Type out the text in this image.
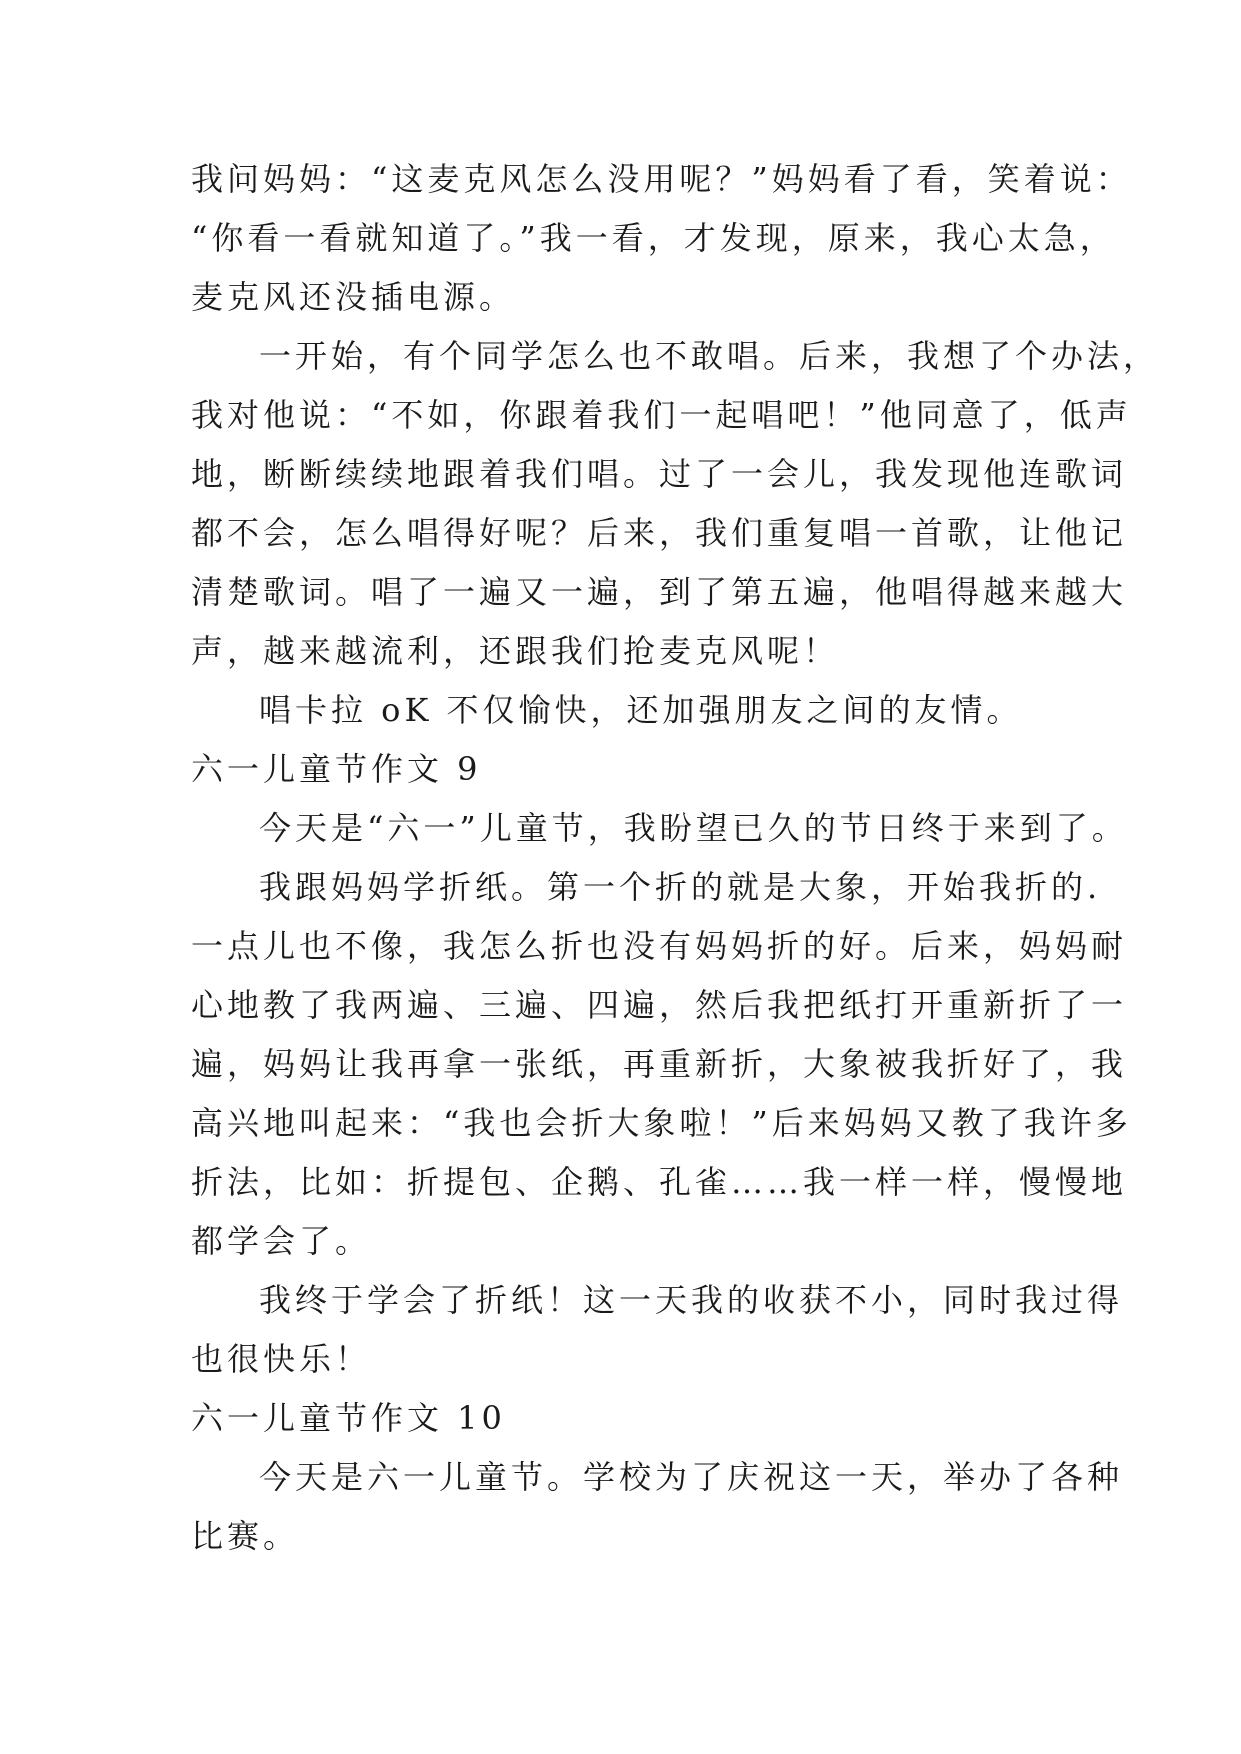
我问妈妈：“这麦克风怎么没用呢？”妈妈看了看，笑着说：
“你看一看就知道了。”我一看，才发现，原来，我心太急，
麦克风还没插电源。
一开始，有个同学怎么也不敢唱。后来，我想了个办法，
我对他说：“不如，你跟着我们一起唱吧！”他同意了，低声
地，断断续续地跟着我们唱。过了一会儿，我发现他连歌词
都不会，怎么唱得好呢？后来，我们重复唱一首歌，让他记
清楚歌词。唱了一遍又一遍，到了第五遍，他唱得越来越大
声，越来越流利，还跟我们抢麦克风呢！
唱卡拉 oK 不仅愉快，还加强朋友之间的友情。
六一儿童节作文 9
今天是“六一”儿童节，我盼望已久的节日终于来到了。
我跟妈妈学折纸。第一个折的就是大象，开始我折的.
一点儿也不像，我怎么折也没有妈妈折的好。后来，妈妈耐
心地教了我两遍、三遍、四遍，然后我把纸打开重新折了一
遍，妈妈让我再拿一张纸，再重新折，大象被我折好了，我
高兴地叫起来：“我也会折大象啦！”后来妈妈又教了我许多
折法，比如：折提包、企鹅、孔雀……我一样一样，慢慢地
都学会了。
我终于学会了折纸！这一天我的收获不小，同时我过得
也很快乐！
六一儿童节作文 10
今天是六一儿童节。学校为了庆祝这一天，举办了各种
比赛。
